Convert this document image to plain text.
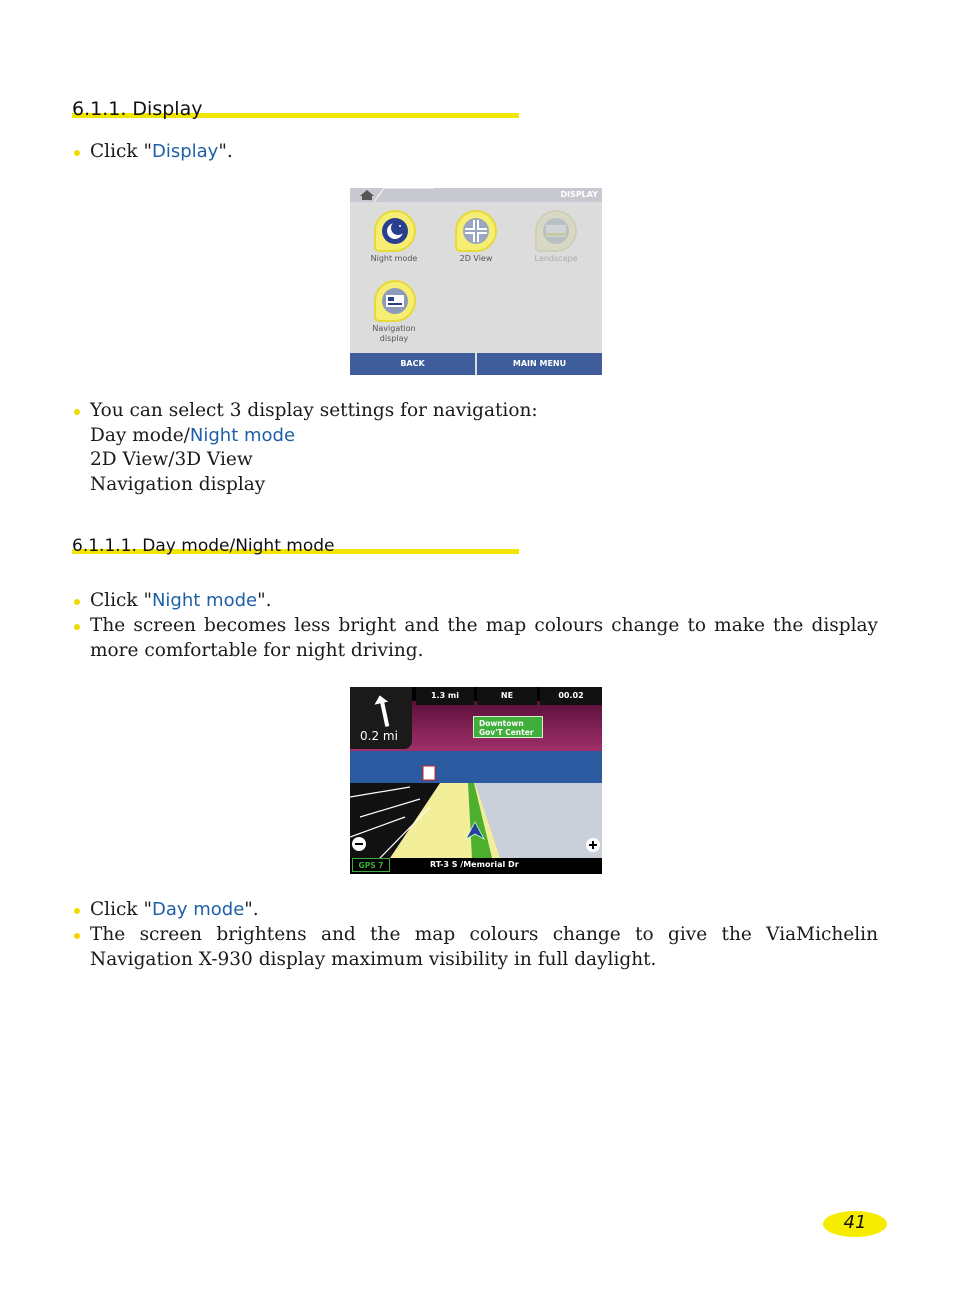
6.1.1. Display
Click "Display".
DISPLAY
Night mode	2D View	Landscape
Navigation
display
BACK	MAIN MENU
You can select 3 display settings for navigation:
Day mode/Night mode
2D View/3D View
Navigation display
6.1.1.1. Day mode/Night mode
Click "Night mode".
The screen becomes less bright and the map colours change to make the display more comfortable for night driving.
0.2 mi
1.3 mi	NE	00.02
Downtown
Gov'T Center
GPS 7	RT-3 S /Memorial Dr
Click "Day mode".
The screen brightens and the map colours change to give the ViaMichelin Navigation X-930 display maximum visibility in full daylight.
41
